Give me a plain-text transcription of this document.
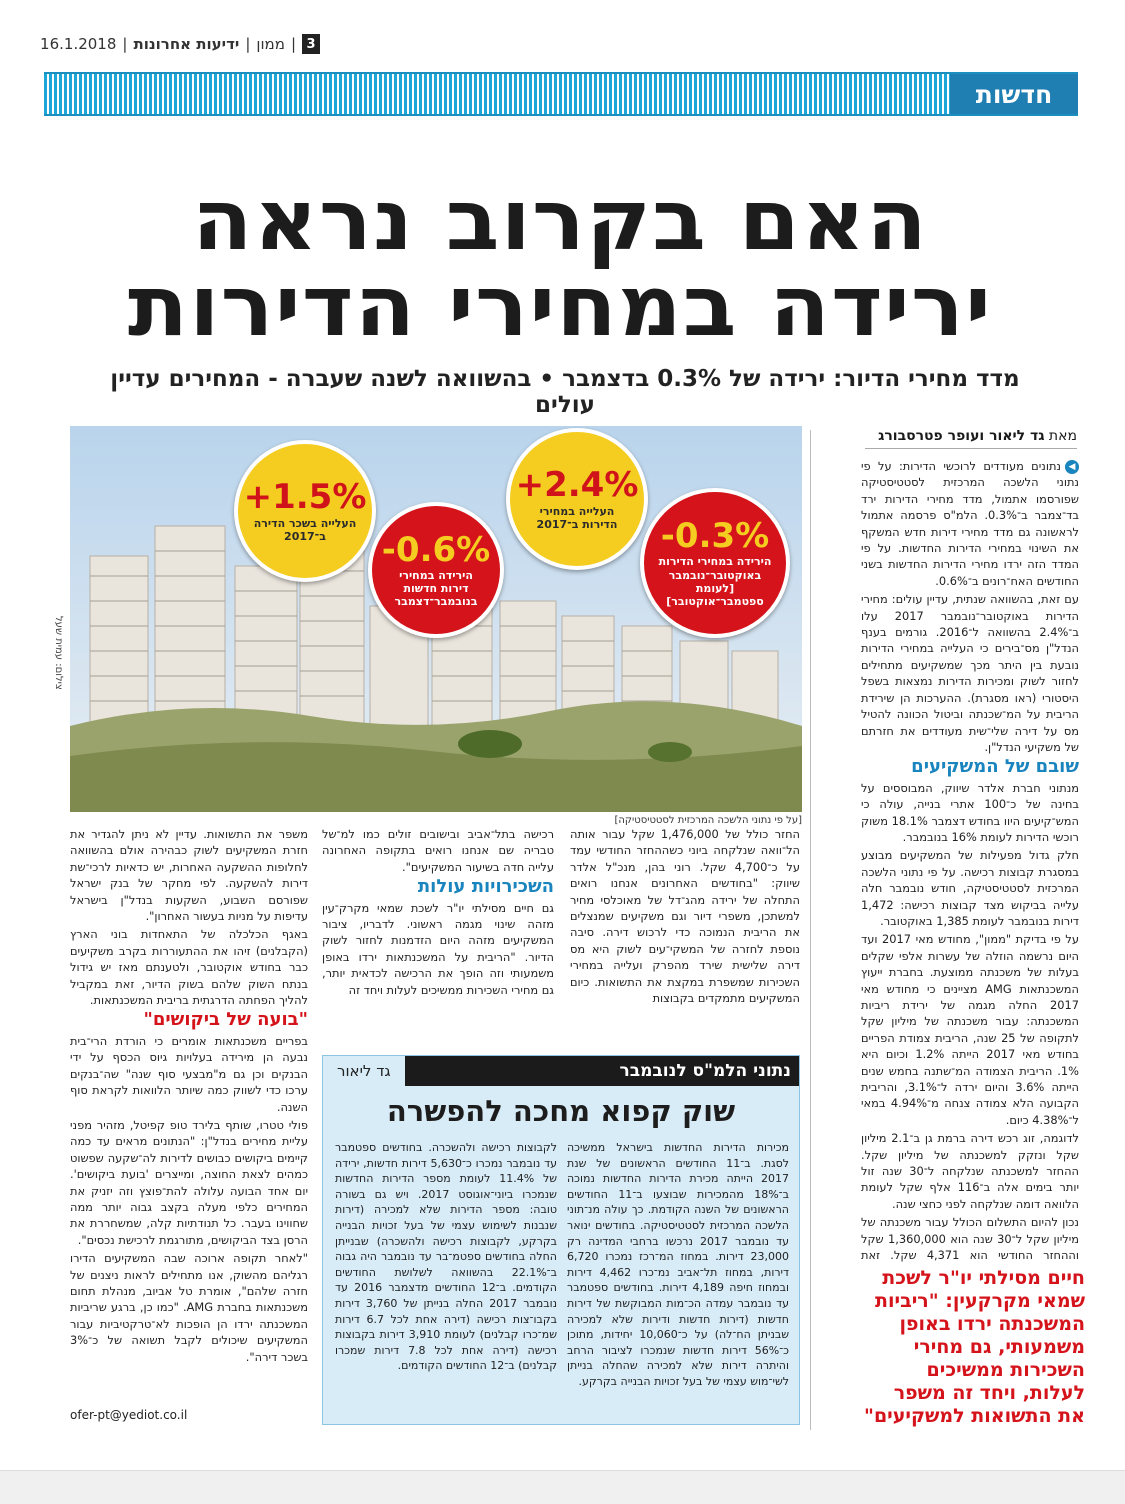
3
|
ממון
|
ידיעות אחרונות
|
16.1.2018
חדשות
האם בקרוב נראה
ירידה במחירי הדירות
מדד מחירי הדיור: ירידה של 0.3% בדצמבר • בהשוואה לשנה שעברה - המחירים עדיין עולים
צילום: עמית שעל
+1.5%
העלייה בשכר הדירה ב־2017
+2.4%
העלייה במחירי הדירות ב־2017
-0.6%
הירידה במחירי דירות חדשות בנובמבר־דצמבר
-0.3%
הירידה במחירי הדירות באוקטובר־נובמבר [לעומת ספטמבר־אוקטובר]
[על פי נתוני הלשכה המרכזית לסטטיסטיקה]
מאת גד ליאור ועופר פטרסבורג

◀נתונים מעודדים לרוכשי הדירות: על פי נתוני הלשכה המרכזית לסטטיסטיקה שפורסמו אתמול, מדד מחירי הדירות ירד בד־צמבר ב־0.3%. הלמ"ס פרסמה אתמול לראשונה גם מדד מחירי דירות חדש המשקף את השינוי במחירי הדירות החדשות. על פי המדד הזה ירדו מחירי הדירות החדשות בשני החודשים האח־רונים ב־0.6%.

עם זאת, בהשוואה שנתית, עדיין עולים: מחירי הדירות באוקטובר־נובמבר 2017 עלו ב־2.4% בהשוואה ל־2016. גורמים בענף הנדל"ן מס־בירים כי העלייה במחירי הדירות נובעת בין היתר מכך שמשקיעים מתחילים לחזור לשוק ומכירות הדירות נמצאות בשפל היסטורי (ראו מסגרת). ההערכות הן שירידת הריבית על המ־שכנתה וביטול הכוונה להטיל מס על דירה שלי־שית מעודדים את חזרתם של משקיעי הנדל"ן.

שובם של המשקיעים

מנתוני חברת אלדר שיווק, המבוססים על בחינה של כ־100 אתרי בנייה, עולה כי המש־קיעים היוו בחודש דצמבר 18.1% משוק רוכשי הדירות לעומת 16% בנובמבר.

חלק גדול מפעילות של המשקיעים מבוצע במסגרת קבוצות רכישה. על פי נתוני הלשכה המרכזית לסטטיסטיקה, חודש נובמבר חלה עלייה בביקוש מצד קבוצות רכישה: 1,472 דירות בנובמבר לעומת 1,385 באוקטובר.

על פי בדיקת "ממון", מחודש מאי 2017 ועד היום נרשמה הוזלה של עשרות אלפי שקלים בעלות של משכנתה ממוצעת. בחברת ייעוץ המשכנתאות AMG מציינים כי מחודש מאי 2017 החלה מגמה של ירידת ריביות המשכנתה: עבור משכנתה של מיליון שקל לתקופה של 25 שנה, הריבית צמודת הפריים בחודש מאי 2017 הייתה 1.2% וכיום היא 1%. הריבית הצמודה המ־שתנה בחמש שנים הייתה 3.6% והיום ירדה ל־3.1%, והריבית הקבועה הלא צמודה צנחה מ־4.94% במאי ל־4.38% כיום.

לדוגמה, זוג רכש דירה ברמת גן ב־2.1 מיליון שקל ונזקק למשכנתה של מיליון שקל. ההחזר למשכנתה שנלקחה ל־30 שנה זול יותר בימים אלה ב־116 אלף שקל לעומת הלוואה דומה שנלקחה לפני כחצי שנה.

נכון להיום התשלום הכולל עבור משכנתה של מיליון שקל ל־30 שנה הוא 1,360,000 שקל וההחזר החודשי הוא 4,371 שקל. זאת

חיים מסילתי יו"ר לשכת שמאי מקרקעין: "ריביות המשכנתה ירדו באופן משמעותי, גם מחירי השכירות ממשיכים לעלות, ויחד זה משפר את התשואות למשקיעים"

החזר כולל של 1,476,000 שקל עבור אותה הל־וואה שנלקחה ביוני כשההחזר החודשי עמד על כ־4,700 שקל. רוני בהן, מנכ"ל אלדר שיווק: "בחודשים האחרונים אנחנו רואים התחלה של ירידה מהג־דל של מאוכלסי מחיר למשתכן, משפרי דיור וגם משקיעים שמנצלים את הריבית הנמוכה כדי לרכוש דירה. סיבה נוספת לחזרה של המשקי־עים לשוק היא מס דירה שלישית שירד מהפרק ועלייה במחירי השכירות שמשפרת במקצת את התשואות. כיום המשקיעים מתמקדים בקבוצות

רכישה בתל־אביב ובישובים זולים כמו למ־של טבריה שם אנחנו רואים בתקופה האחרונה עלייה חדה בשיעור המשקיעים".

השכירויות עולות

גם חיים מסילתי יו"ר לשכת שמאי מקרק־עין מזהה שינוי מגמה ראשוני. לדבריו, ציבור המשקיעים מזהה היום הזדמנות לחזור לשוק הדיור. "הריבית על המשכנתאות ירדו באופן משמעותי וזה הופך את הרכישה לכדאית יותר, גם מחירי השכירות ממשיכים לעלות ויחד זה

משפר את התשואות. עדיין לא ניתן להגדיר את חזרת המשקיעים לשוק כבהירה אולם בהשוואה לחלופות ההשקעה האחרות, יש כדאיות לרכי־שת דירות להשקעה. לפי מחקר של בנק ישראל שפורסם השבוע, השקעות בנדל"ן בישראל עדיפות על מניות בעשור האחרון".

באגף הכלכלה של התאחדות בוני הארץ (הקבלנים) זיהו את ההתעוררות בקרב משקיעים כבר בחודש אוקטובר, ולטענתם מאז יש גידול בנתח השוק שלהם בשוק הדיור, זאת במקביל להליך הפחתה הדרגתית בריבית המשכנתאות.

"בועה של ביקושים"

בפריים משכנתאות אומרים כי הורדת הרי־בית נבעה הן מירידה בעלויות גיוס הכסף על ידי הבנקים וכן גם מ"מבצעי סוף שנה" שה־בנקים ערכו כדי לשווק כמה שיותר הלוואות לקראת סוף השנה.

פולי טטרו, שותף בלירד טופ קפיטל, מזהיר מפני עליית מחירים בנדל"ן: "הנתונים מראים עד כמה קיימים ביקושים כבושים לדירות לה־שקעה שפשוט כמהים לצאת החוצה, ומייצרים 'בועת ביקושים'. יום אחד הבועה עלולה להת־פוצץ וזה יזניק את המחירים כלפי מעלה בקצב גבוה יותר ממה שחווינו בעבר. כל תנודתיות קלה, שמשחררת את הרסן בצד הביקושים, מתורגמת לרכישת נכסים".

"לאחר תקופה ארוכה שבה המשקיעים הדירו רגליהם מהשוק, אנו מתחילים לראות ניצנים של חזרה שלהם", אומרת טל אביוב, מנהלת תחום משכנתאות בחברת AMG. "כמו כן, ברגע שריביות המשכנתה ירדו הן הופכות לא־טרקטיביות עבור המשקיעים שיכולים לקבל תשואה של כ־3% בשכר דירה".

ofer-pt@yediot.co.il
נתוני הלמ"ס לנובמבר
גד ליאור
שוק קפוא מחכה להפשרה
מכירות הדירות החדשות בישראל ממשיכה לסגת. ב־11 החודשים הראשונים של שנת 2017 הייתה מכירת הדירות החדשות נמוכה ב־18% מהמכירות שבוצעו ב־11 החודשים הראשונים של השנה הקודמת. כך עולה מנ־תוני הלשכה המרכזית לסטטיסטיקה. בחודשים ינואר עד נובמבר 2017 נרכשו ברחבי המדינה רק 23,000 דירות. במחוז המ־רכז נמכרו 6,720 דירות, במחוז תל־אביב נמ־כרו 4,462 דירות ובמחוז חיפה 4,189 דירות. בחודשים ספטמבר עד נובמבר עמדה הכ־מות המבוקשת של דירות חדשות (דירות חדשות ודירות שלא למכירה שבניתן הח־לה) על כ־10,060 יחידות, מתוכן כ־56% דירות חדשות שנמכרו לציבור הרחב והיתרה דירות שלא למכירה שהחלה בנייתן לשי־מוש עצמי של בעל זכויות הבנייה בקרקע.
לקבוצות רכישה ולהשכרה. בחודשים ספטמבר עד נובמבר נמכרו כ־5,630 דירות חדשות, ירידה של 11.4% לעומת מספר הדירות החדשות שנמכרו ביוני־אוגוסט 2017. ויש גם בשורה טובה: מספר הדירות שלא למכירה (דירות שנבנות לשימוש עצמי של בעל זכויות הבנייה בקרקע, לקבוצות רכישה ולהשכרה) שבנייתן החלה בחודשים ספטמ־בר עד נובמבר היה גבוה ב־22.1% בהשוואה לשלושת החודשים הקודמים. ב־12 החודשים מדצמבר 2016 עד נובמבר 2017 החלה בנייתן של 3,760 דירות בקבו־צות רכישה (דירה אחת לכל 6.7 דירות שמ־כרו קבלנים) לעומת 3,910 דירות בקבוצות רכישה (דירה אחת לכל 7.8 דירות שמכרו קבלנים) ב־12 החודשים הקודמים.
